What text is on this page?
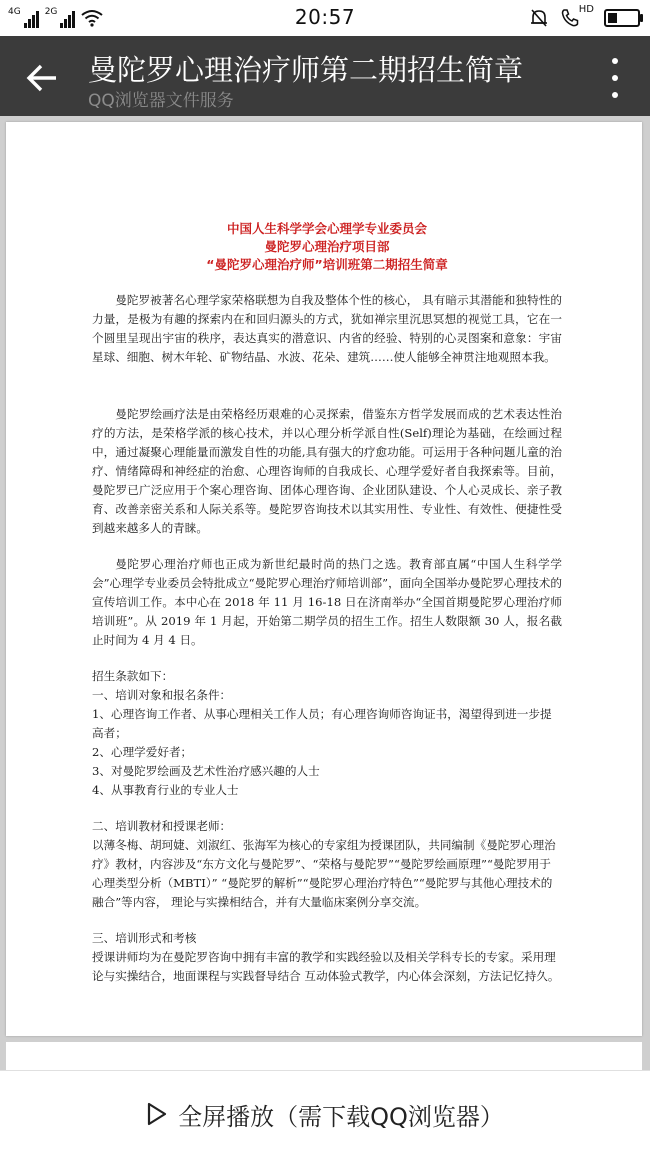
4G	2G	20:57	HD
曼陀罗心理治疗师第二期招生简章
QQ浏览器文件服务
中国人生科学学会心理学专业委员会
曼陀罗心理治疗项目部
“曼陀罗心理治疗师”培训班第二期招生简章

曼陀罗被著名心理学家荣格联想为自我及整体个性的核心， 具有暗示其潜能和独特性的力量，是极为有趣的探索内在和回归源头的方式，犹如禅宗里沉思冥想的视觉工具，它在一个圆里呈现出宇宙的秩序，表达真实的潜意识、内省的经验、特别的心灵图案和意象：宇宙星球、细胞、树木年轮、矿物结晶、水波、花朵、建筑……使人能够全神贯注地观照本我。

曼陀罗绘画疗法是由荣格经历艰难的心灵探索，借鉴东方哲学发展而成的艺术表达性治疗的方法，是荣格学派的核心技术，并以心理分析学派自性(Self)理论为基础，在绘画过程中，通过凝聚心理能量而激发自性的功能,具有强大的疗愈功能。可运用于各种问题儿童的治疗、情绪障碍和神经症的治愈、心理咨询师的自我成长、心理学爱好者自我探索等。目前，曼陀罗已广泛应用于个案心理咨询、团体心理咨询、企业团队建设、个人心灵成长、亲子教育、改善亲密关系和人际关系等。曼陀罗咨询技术以其实用性、专业性、有效性、便捷性受到越来越多人的青睐。

曼陀罗心理治疗师也正成为新世纪最时尚的热门之选。教育部直属“中国人生科学学会”心理学专业委员会特批成立“曼陀罗心理治疗师培训部”，面向全国举办曼陀罗心理技术的宣传培训工作。本中心在 2018 年 11 月 16-18 日在济南举办“全国首期曼陀罗心理治疗师培训班”。从 2019 年 1 月起，开始第二期学员的招生工作。招生人数限额 30 人，报名截止时间为 4 月 4 日。

招生条款如下：

一、培训对象和报名条件：

1、心理咨询工作者、从事心理相关工作人员；有心理咨询师咨询证书，渴望得到进一步提高者；

2、心理学爱好者；

3、对曼陀罗绘画及艺术性治疗感兴趣的人士

4、从事教育行业的专业人士

二、培训教材和授课老师：

以薄冬梅、胡珂婕、刘淑红、张海军为核心的专家组为授课团队，共同编制《曼陀罗心理治疗》教材，内容涉及“东方文化与曼陀罗”、“荣格与曼陀罗”“曼陀罗绘画原理”“曼陀罗用于心理类型分析（MBTI）” “曼陀罗的解析”“曼陀罗心理治疗特色”“曼陀罗与其他心理技术的融合”等内容， 理论与实操相结合，并有大量临床案例分享交流。

三、培训形式和考核

授课讲师均为在曼陀罗咨询中拥有丰富的教学和实践经验以及相关学科专长的专家。采用理论与实操结合，地面课程与实践督导结合 互动体验式教学，内心体会深刻，方法记忆持久。

全屏播放（需下载QQ浏览器）
